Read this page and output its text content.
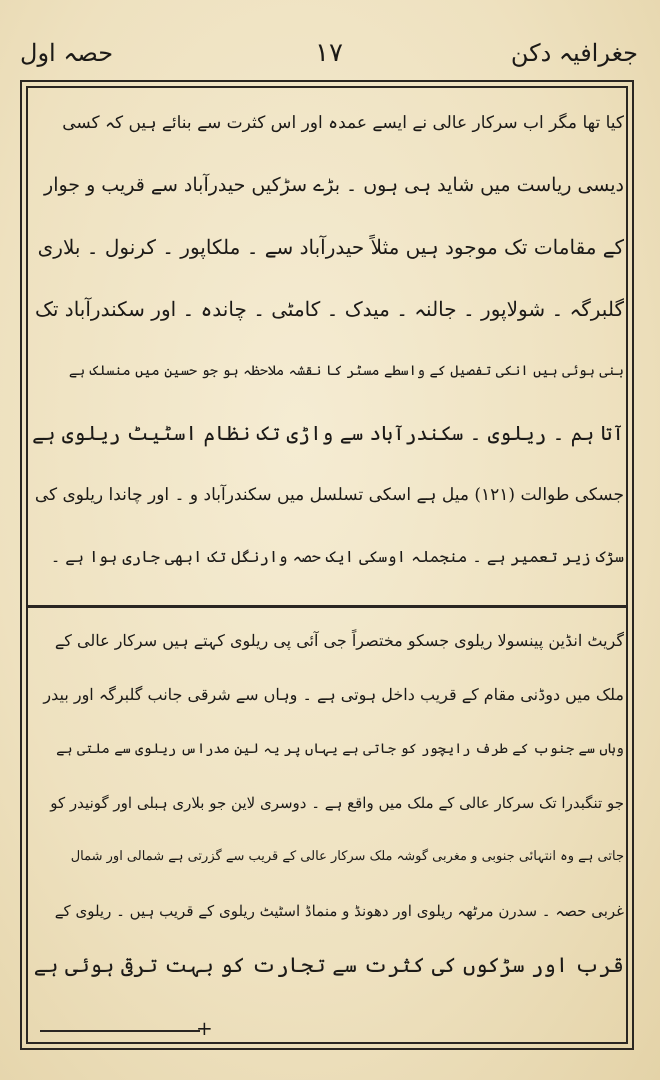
جغرافیہ دکن
۱۷
حصہ اول
کیا تھا مگر اب سرکار عالی نے ایسے عمدہ اور اس کثرت سے بنائے ہیں کہ کسی
دیسی ریاست میں شاید ہی ہوں ۔ بڑے سڑکیں حیدرآباد سے قریب و جوار
کے مقامات تک موجود ہیں مثلاً حیدرآباد سے ۔ ملکاپور ۔ کرنول ۔ بلاری
گلبرگہ ۔ شولاپور ۔ جالنہ ۔ میدک ۔ کامٹی ۔ چاندہ ۔ اور سکندرآباد تک
بنی ہوئی ہیں انکی تفصیل کے واسطے مسٹر کا نقشہ ملاحظہ ہو جو حسین میں منسلک ہے
آتا ہم ۔ ریلوی ۔ سکندرآباد سے واڑی تک نظام اسٹیٹ ریلوی ہے
جسکی طوالت (۱۲۱) میل ہے اسکی تسلسل میں سکندرآباد و ۔ اور چاندا ریلوی کی
سڑک زیر تعمیر ہے ۔ منجملہ اوسکی ایک حصہ وارنگل تک ابھی جاری ہوا ہے ۔
گریٹ انڈین پینسولا ریلوی جسکو مختصراً جی آئی پی ریلوی کہتے ہیں سرکار عالی کے
ملک میں دوڈنی مقام کے قریب داخل ہوتی ہے ۔ وہاں سے شرقی جانب گلبرگہ اور بیدر
وہاں سے جنوب کے طرف رایچور کو جاتی ہے یہاں پر یہ لین مدراس ریلوی سے ملتی ہے
جو تنگبدرا تک سرکار عالی کے ملک میں واقع ہے ۔ دوسری لاین جو بلاری ہبلی اور گونیدر کو
جاتی ہے وہ انتہائی جنوبی و مغربی گوشہ ملک سرکار عالی کے قریب سے گزرتی ہے شمالی اور شمال
غربی حصہ ۔ سدرن مرٹھہ ریلوی اور دھونڈ و منماڈ اسٹیٹ ریلوی کے قریب ہیں ۔ ریلوی کے
قرب اور سڑکوں کی کثرت سے تجارت کو بہت ترقی ہوئی ہے
+
